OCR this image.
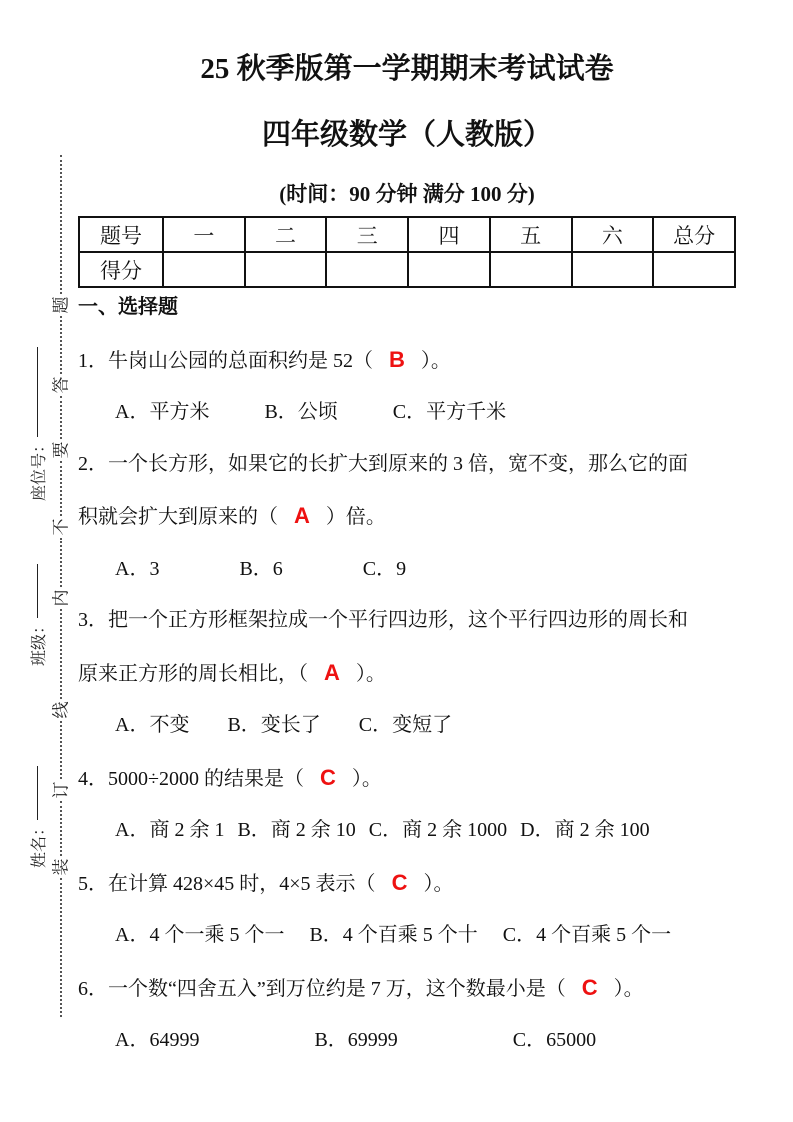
题
答
要
不
内
线
订
装
座位号：
班级：
姓名：
25 秋季版第一学期期末考试试卷
四年级数学（人教版）
(时间：90 分钟 满分 100 分)
题号	一	二	三	四	五	六	总分
得分							
一、选择题
1．牛岗山公园的总面积约是 52（ B ）。
A．平方米	B．公顷	C．平方千米
2．一个长方形，如果它的长扩大到原来的 3 倍，宽不变，那么它的面
积就会扩大到原来的（ A ）倍。
A．3	B．6	C．9
3．把一个正方形框架拉成一个平行四边形，这个平行四边形的周长和
原来正方形的周长相比，（ A ）。
A．不变 B．变长了 C．变短了
4．5000÷2000 的结果是（ C ）。
A．商 2 余 1 B．商 2 余 10 C．商 2 余 1000 D．商 2 余 100
5．在计算 428×45 时，4×5 表示（ C ）。
A．4 个一乘 5 个一 B．4 个百乘 5 个十 C．4 个百乘 5 个一
6．一个数“四舍五入”到万位约是 7 万，这个数最小是（ C ）。
A．64999	B．69999	C．65000
